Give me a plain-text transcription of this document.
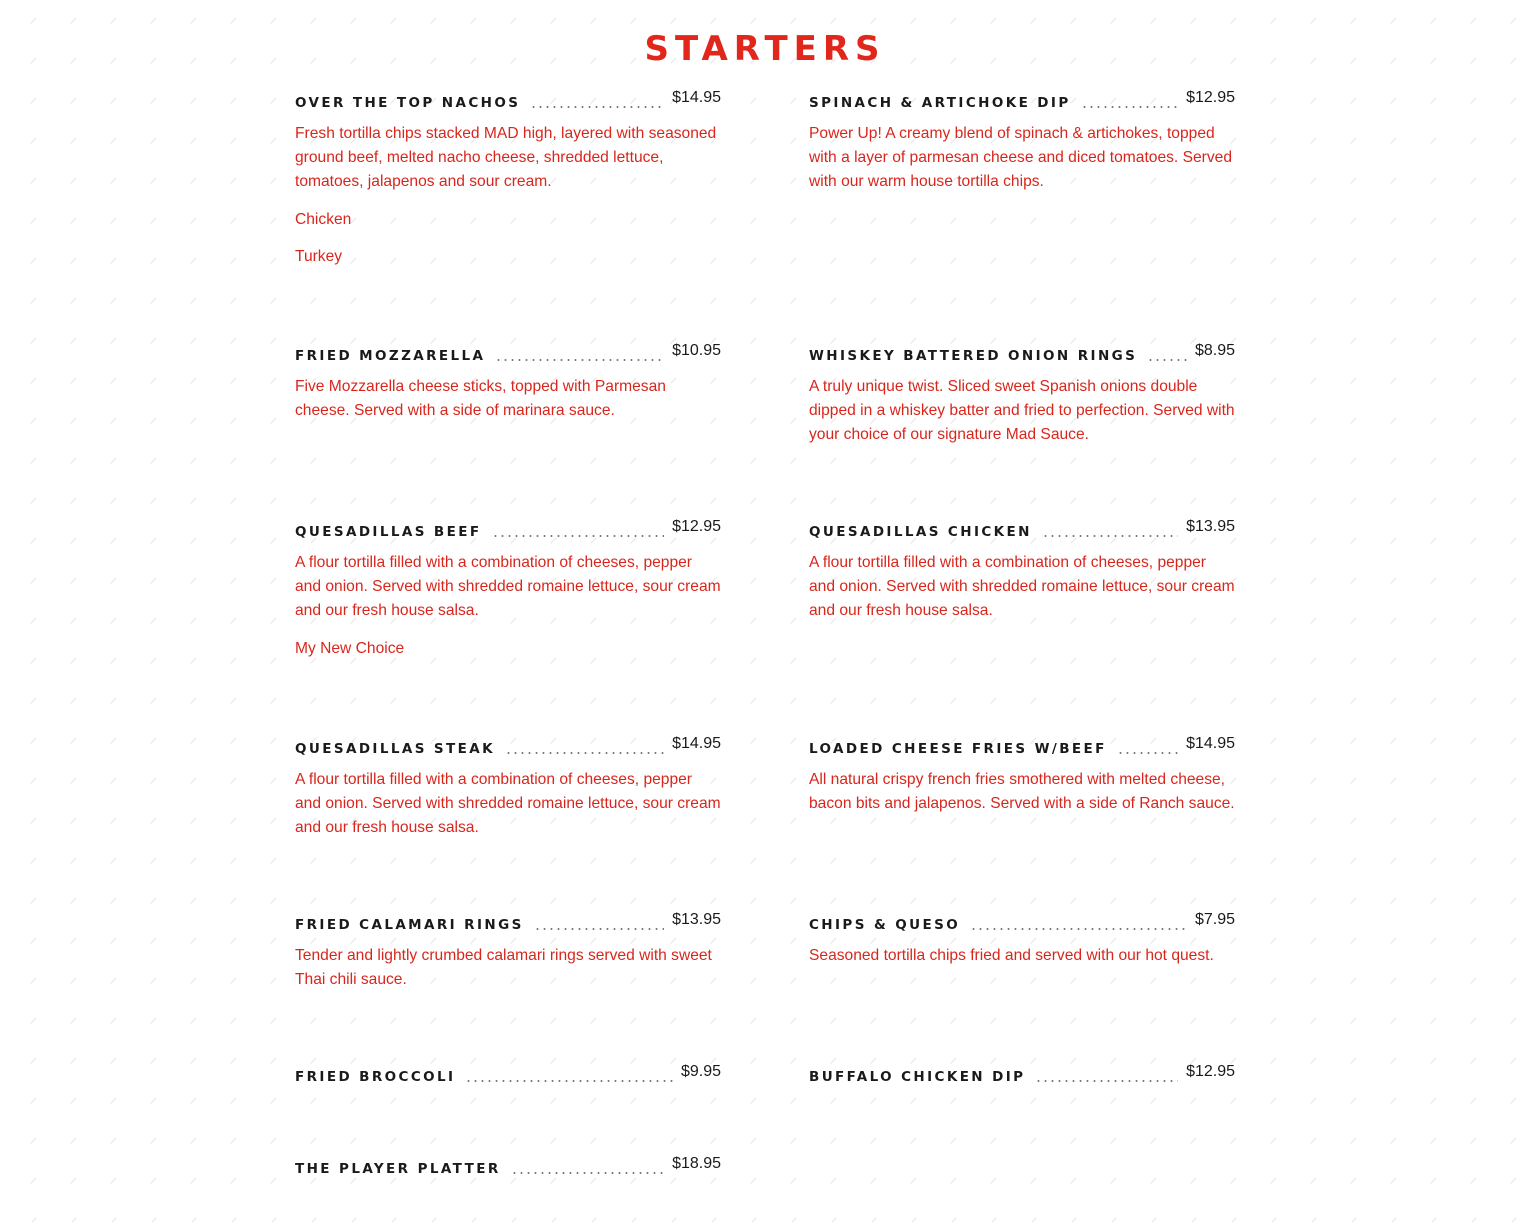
STARTERS
OVER THE TOP NACHOS	$14.95

Fresh tortilla chips stacked MAD high, layered with seasoned ground beef, melted nacho cheese, shredded lettuce, tomatoes, jalapenos and sour cream.

Chicken

Turkey

SPINACH & ARTICHOKE DIP	$12.95

Power Up! A creamy blend of spinach & artichokes, topped with a layer of parmesan cheese and diced tomatoes. Served with our warm house tortilla chips.

FRIED MOZZARELLA	$10.95

Five Mozzarella cheese sticks, topped with Parmesan cheese. Served with a side of marinara sauce.

WHISKEY BATTERED ONION RINGS	$8.95

A truly unique twist. Sliced sweet Spanish onions double dipped in a whiskey batter and fried to perfection. Served with your choice of our signature Mad Sauce.

QUESADILLAS BEEF	$12.95

A flour tortilla filled with a combination of cheeses, pepper and onion. Served with shredded romaine lettuce, sour cream and our fresh house salsa.

My New Choice

QUESADILLAS CHICKEN	$13.95

A flour tortilla filled with a combination of cheeses, pepper and onion. Served with shredded romaine lettuce, sour cream and our fresh house salsa.

QUESADILLAS STEAK	$14.95

A flour tortilla filled with a combination of cheeses, pepper and onion. Served with shredded romaine lettuce, sour cream and our fresh house salsa.

LOADED CHEESE FRIES W/BEEF	$14.95

All natural crispy french fries smothered with melted cheese, bacon bits and jalapenos. Served with a side of Ranch sauce.

FRIED CALAMARI RINGS	$13.95

Tender and lightly crumbed calamari rings served with sweet Thai chili sauce.

CHIPS & QUESO	$7.95

Seasoned tortilla chips fried and served with our hot quest.

FRIED BROCCOLI	$9.95	BUFFALO CHICKEN DIP	$12.95
THE PLAYER PLATTER	$18.95
